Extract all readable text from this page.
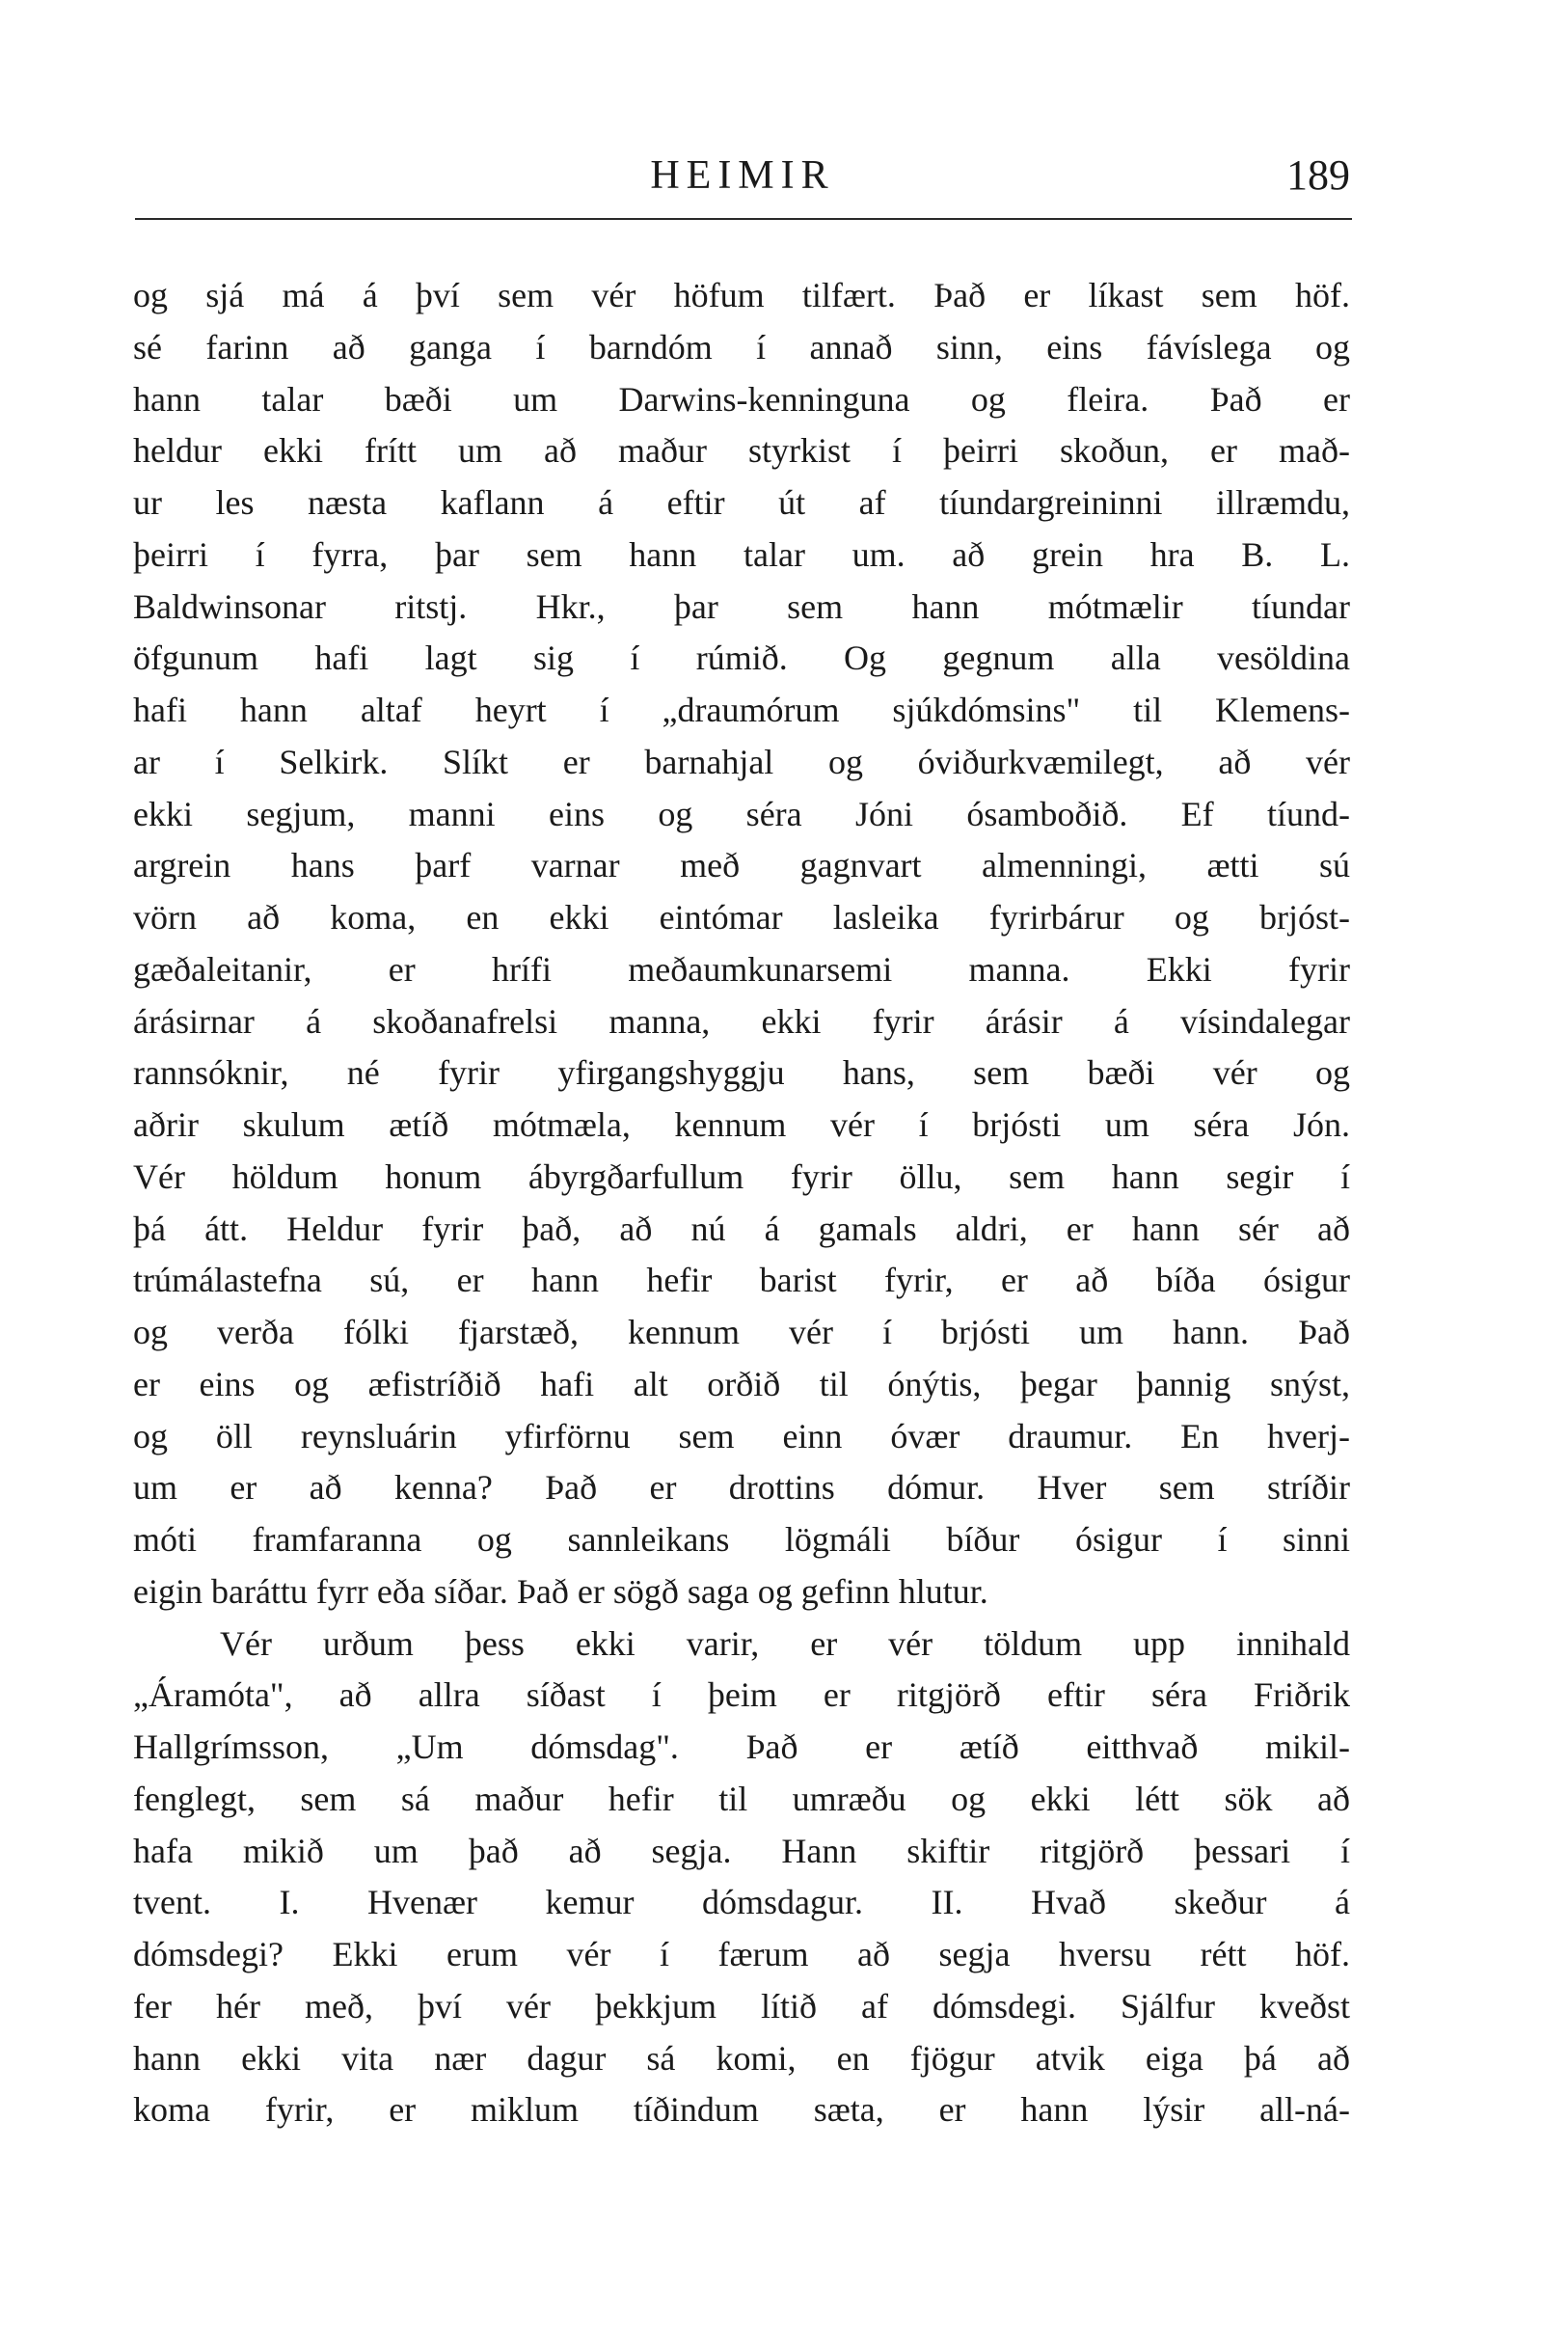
HEIMIR	189
og sjá má á því sem vér höfum tilfært. Það er líkast sem höf.
sé farinn að ganga í barndóm í annað sinn, eins fávíslega og
hann talar bæði um Darwins-kenninguna og fleira. Það er
heldur ekki frítt um að maður styrkist í þeirri skoðun, er mað-
ur les næsta kaflann á eftir út af tíundargreininni illræmdu,
þeirri í fyrra, þar sem hann talar um. að grein hra B. L.
Baldwinsonar ritstj. Hkr., þar sem hann mótmælir tíundar
öfgunum hafi lagt sig í rúmið. Og gegnum alla vesöldina
hafi hann altaf heyrt í „draumórum sjúkdómsins" til Klemens-
ar í Selkirk. Slíkt er barnahjal og óviðurkvæmilegt, að vér
ekki segjum, manni eins og séra Jóni ósamboðið. Ef tíund-
argrein hans þarf varnar með gagnvart almenningi, ætti sú
vörn að koma, en ekki eintómar lasleika fyrirbárur og brjóst-
gæðaleitanir, er hrífi meðaumkunarsemi manna. Ekki fyrir
árásirnar á skoðanafrelsi manna, ekki fyrir árásir á vísindalegar
rannsóknir, né fyrir yfirgangshyggju hans, sem bæði vér og
aðrir skulum ætíð mótmæla, kennum vér í brjósti um séra Jón.
Vér höldum honum ábyrgðarfullum fyrir öllu, sem hann segir í
þá átt. Heldur fyrir það, að nú á gamals aldri, er hann sér að
trúmálastefna sú, er hann hefir barist fyrir, er að bíða ósigur
og verða fólki fjarstæð, kennum vér í brjósti um hann. Það
er eins og æfistríðið hafi alt orðið til ónýtis, þegar þannig snýst,
og öll reynsluárin yfirförnu sem einn óvær draumur. En hverj-
um er að kenna? Það er drottins dómur. Hver sem stríðir
móti framfaranna og sannleikans lögmáli bíður ósigur í sinni
eigin baráttu fyrr eða síðar. Það er sögð saga og gefinn hlutur.
Vér urðum þess ekki varir, er vér töldum upp innihald
„Áramóta", að allra síðast í þeim er ritgjörð eftir séra Friðrik
Hallgrímsson, „Um dómsdag". Það er ætíð eitthvað mikil-
fenglegt, sem sá maður hefir til umræðu og ekki létt sök að
hafa mikið um það að segja. Hann skiftir ritgjörð þessari í
tvent. I. Hvenær kemur dómsdagur. II. Hvað skeður á
dómsdegi? Ekki erum vér í færum að segja hversu rétt höf.
fer hér með, því vér þekkjum lítið af dómsdegi. Sjálfur kveðst
hann ekki vita nær dagur sá komi, en fjögur atvik eiga þá að
koma fyrir, er miklum tíðindum sæta, er hann lýsir all-ná-
